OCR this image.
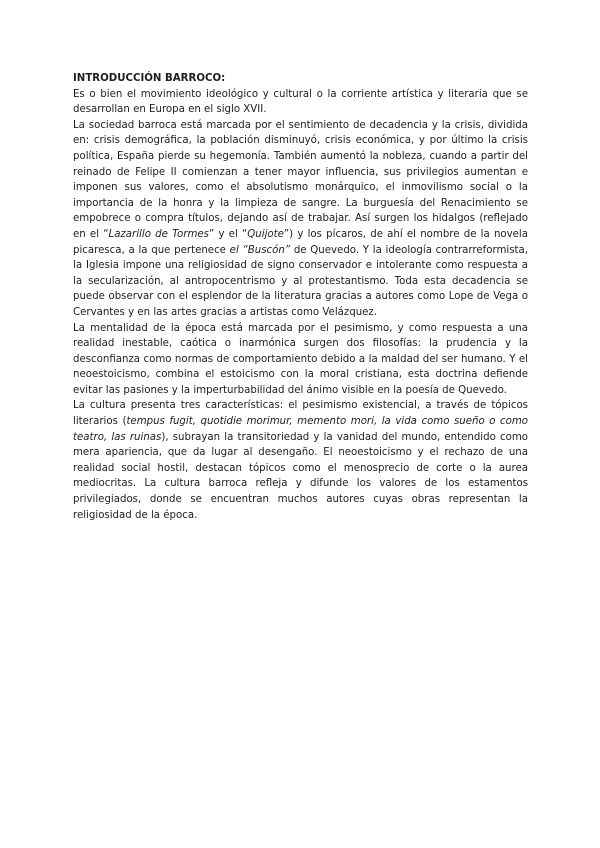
INTRODUCCIÓN BARROCO:

Es o bien el movimiento ideológico y cultural o la corriente artística y literaria que se desarrollan en Europa en el siglo XVII.

La sociedad barroca está marcada por el sentimiento de decadencia y la crisis, dividida en: crisis demográfica, la población disminuyó, crisis económica, y por último la crisis política, España pierde su hegemonía. También aumentó la nobleza, cuando a partir del reinado de Felipe II comienzan a tener mayor influencia, sus privilegios aumentan e imponen sus valores, como el absolutismo monárquico, el inmovilismo social o la importancia de la honra y la limpieza de sangre. La burguesía del Renacimiento se empobrece o compra títulos, dejando así de trabajar. Así surgen los hidalgos (reflejado en el “Lazarillo de Tormes” y el “Quijote”) y los pícaros, de ahí el nombre de la novela picaresca, a la que pertenece el “Buscón” de Quevedo. Y la ideología contrarreformista, la Iglesia impone una religiosidad de signo conservador e intolerante como respuesta a la secularización, al antropocentrismo y al protestantismo. Toda esta decadencia se puede observar con el esplendor de la literatura gracias a autores como Lope de Vega o Cervantes y en las artes gracias a artistas como Velázquez.

La mentalidad de la época está marcada por el pesimismo, y como respuesta a una realidad inestable, caótica o inarmónica surgen dos filosofías: la prudencia y la desconfianza como normas de comportamiento debido a la maldad del ser humano. Y el neoestoicismo, combina el estoicismo con la moral cristiana, esta doctrina defiende evitar las pasiones y la imperturbabilidad del ánimo visible en la poesía de Quevedo.

La cultura presenta tres características: el pesimismo existencial, a través de tópicos literarios (tempus fugit, quotidie morimur, memento mori, la vida como sueño o como teatro, las ruinas), subrayan la transitoriedad y la vanidad del mundo, entendido como mera apariencia, que da lugar al desengaño. El neoestoicismo y el rechazo de una realidad social hostil, destacan tópicos como el menosprecio de corte o la aurea mediocritas. La cultura barroca refleja y difunde los valores de los estamentos privilegiados, donde se encuentran muchos autores cuyas obras representan la religiosidad de la época.
